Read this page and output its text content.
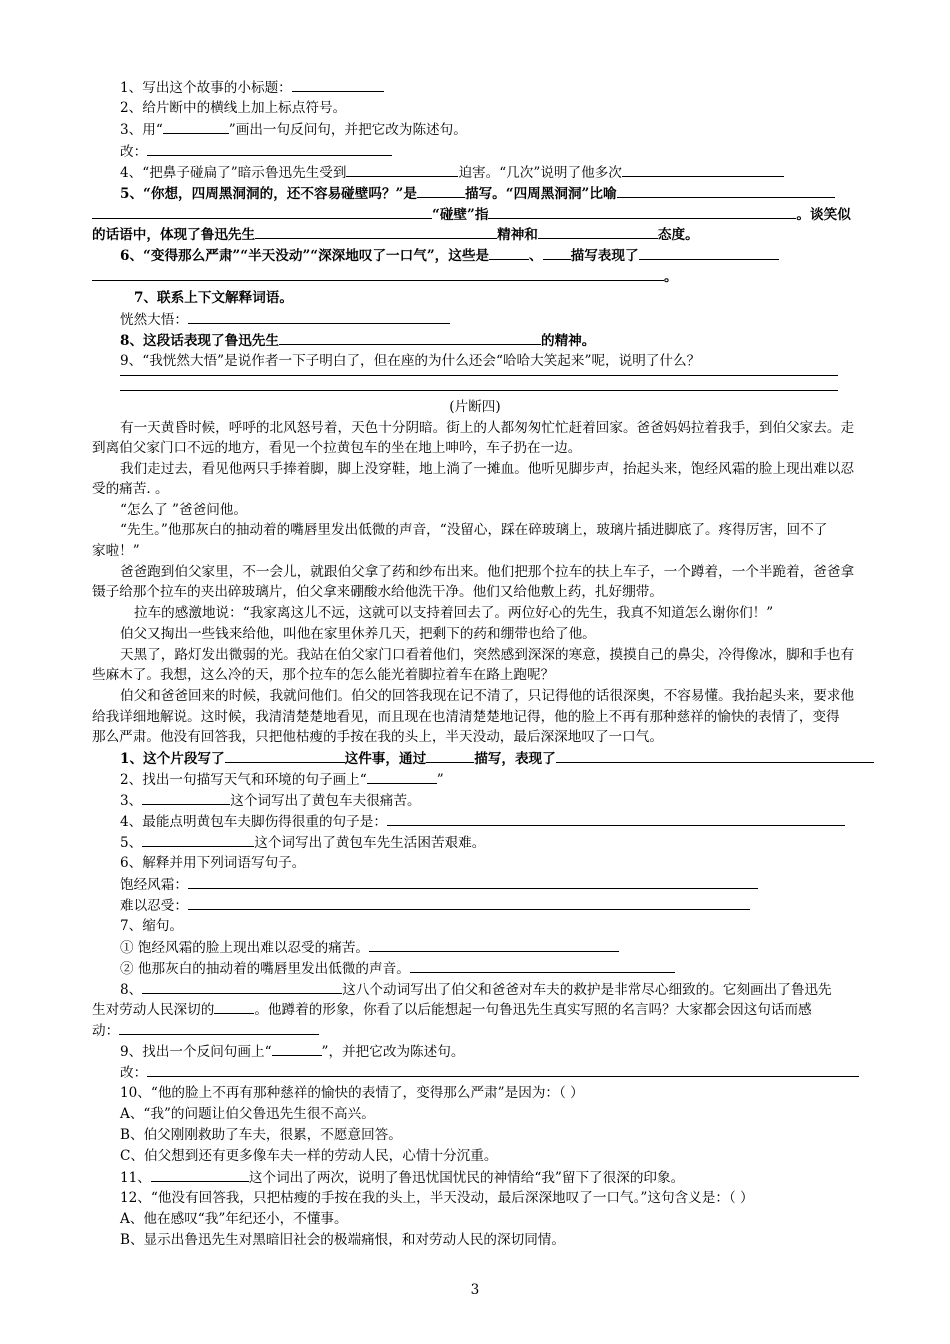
1、写出这个故事的小标题：
2、给片断中的横线上加上标点符号。
3、用“	”画出一句反问句，并把它改为陈述句。
改：
4、“把鼻子碰扁了”暗示鲁迅先生受到	迫害。“几次”说明了他多次
5、“你想，四周黑洞洞的，还不容易碰壁吗？”是	描写。“四周黑洞洞”比喻
“碰壁”指	。谈笑似
的话语中，体现了鲁迅先生	精神和	态度。
6、“变得那么严肃”“半天没动”“深深地叹了一口气”，这些是	、 描写表现了
。
7、联系上下文解释词语。
恍然大悟：
8、这段话表现了鲁迅先生	的精神。
9、“我恍然大悟”是说作者一下子明白了，但在座的为什么还会“哈哈大笑起来”呢，说明了什么？
(片断四)
有一天黄昏时候，呼呼的北风怒号着，天色十分阴暗。街上的人都匆匆忙忙赶着回家。爸爸妈妈拉着我手，到伯父家去。走
到离伯父家门口不远的地方，看见一个拉黄包车的坐在地上呻吟，车子扔在一边。
我们走过去，看见他两只手捧着脚，脚上没穿鞋，地上淌了一摊血。他听见脚步声，抬起头来，饱经风霜的脸上现出难以忍
受的痛苦. 。
“怎么了 ”爸爸问他。
“先生。”他那灰白的抽动着的嘴唇里发出低微的声音，“没留心，踩在碎玻璃上，玻璃片插进脚底了。疼得厉害，回不了
家啦！”
爸爸跑到伯父家里，不一会儿，就跟伯父拿了药和纱布出来。他们把那个拉车的扶上车子，一个蹲着，一个半跪着，爸爸拿
镊子给那个拉车的夹出碎玻璃片，伯父拿来硼酸水给他洗干净。他们又给他敷上药，扎好绷带。
拉车的感激地说：“我家离这儿不远，这就可以支持着回去了。两位好心的先生，我真不知道怎么谢你们！”
伯父又掏出一些钱来给他，叫他在家里休养几天，把剩下的药和绷带也给了他。
天黑了，路灯发出微弱的光。我站在伯父家门口看着他们，突然感到深深的寒意，摸摸自己的鼻尖，冷得像冰，脚和手也有
些麻木了。我想，这么冷的天，那个拉车的怎么能光着脚拉着车在路上跑呢？
伯父和爸爸回来的时候，我就问他们。伯父的回答我现在记不清了，只记得他的话很深奥，不容易懂。我抬起头来，要求他
给我详细地解说。这时候，我清清楚楚地看见，而且现在也清清楚楚地记得，他的脸上不再有那种慈祥的愉快的表情了，变得
那么严肃。他没有回答我，只把他枯瘦的手按在我的头上，半天没动，最后深深地叹了一口气。
1、这个片段写了	这件事，通过	描写，表现了
2、找出一句描写天气和环境的句子画上“	”
3、	这个词写出了黄包车夫很痛苦。
4、最能点明黄包车夫脚伤得很重的句子是：
5、	这个词写出了黄包车先生活困苦艰难。
6、解释并用下列词语写句子。
饱经风霜：
难以忍受：
7、缩句。
① 饱经风霜的脸上现出难以忍受的痛苦。
② 他那灰白的抽动着的嘴唇里发出低微的声音。
8、	这八个动词写出了伯父和爸爸对车夫的救护是非常尽心细致的。它刻画出了鲁迅先
生对劳动人民深切的	。他蹲着的形象，你看了以后能想起一句鲁迅先生真实写照的名言吗？大家都会因这句话而感
动：
9、找出一个反问句画上“	”，并把它改为陈述句。
改：
10、“他的脸上不再有那种慈祥的愉快的表情了，变得那么严肃”是因为：（ ）
A、“我”的问题让伯父鲁迅先生很不高兴。
B、伯父刚刚救助了车夫，很累，不愿意回答。
C、伯父想到还有更多像车夫一样的劳动人民，心情十分沉重。
11、	这个词出了两次，说明了鲁迅忧国忧民的神情给“我”留下了很深的印象。
12、“他没有回答我，只把枯瘦的手按在我的头上，半天没动，最后深深地叹了一口气。”这句含义是：（ ）
A、他在感叹“我”年纪还小，不懂事。
B、显示出鲁迅先生对黑暗旧社会的极端痛恨，和对劳动人民的深切同情。
3
